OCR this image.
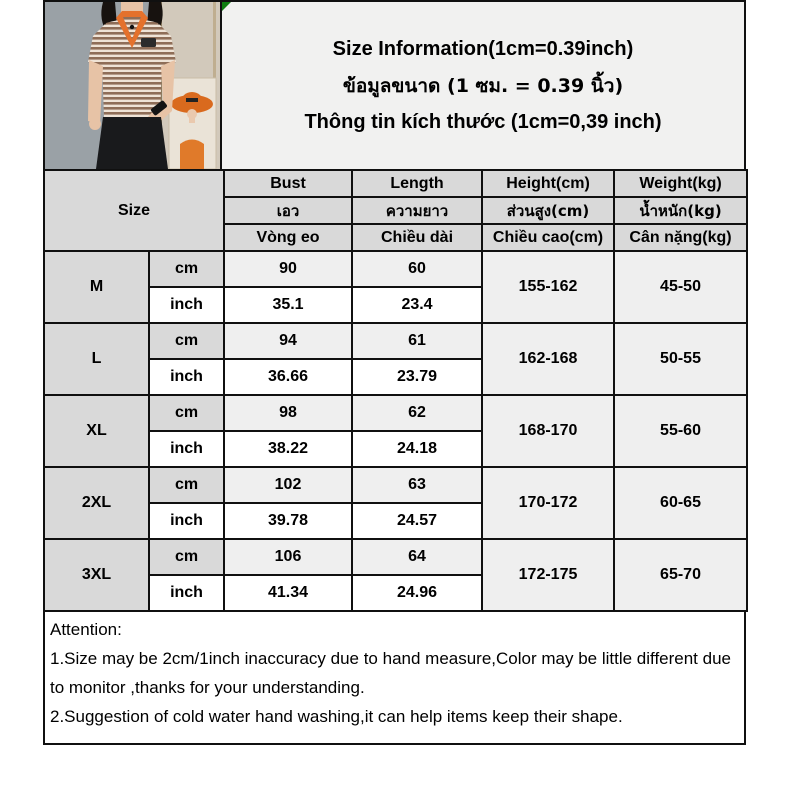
Size Information(1cm=0.39inch)
ข้อมูลขนาด (1 ซม. = 0.39 นิ้ว)
Thông tin kích thước (1cm=0,39 inch)
Size		Bust	Length	Height(cm)	Weight(kg)
		เอว	ความยาว	ส่วนสูง(cm)	น้ำหนัก(kg)
		Vòng eo	Chiều dài	Chiều cao(cm)	Cân nặng(kg)
M	cm	90	60	155-162	45-50
	inch	35.1	23.4		
L	cm	94	61	162-168	50-55
	inch	36.66	23.79		
XL	cm	98	62	168-170	55-60
	inch	38.22	24.18		
2XL	cm	102	63	170-172	60-65
	inch	39.78	24.57		
3XL	cm	106	64	172-175	65-70
	inch	41.34	24.96		
Attention:
1.Size may be 2cm/1inch inaccuracy due to hand measure,Color may be little different due to monitor ,thanks for your understanding.
2.Suggestion of cold water hand washing,it can help items keep their shape.
